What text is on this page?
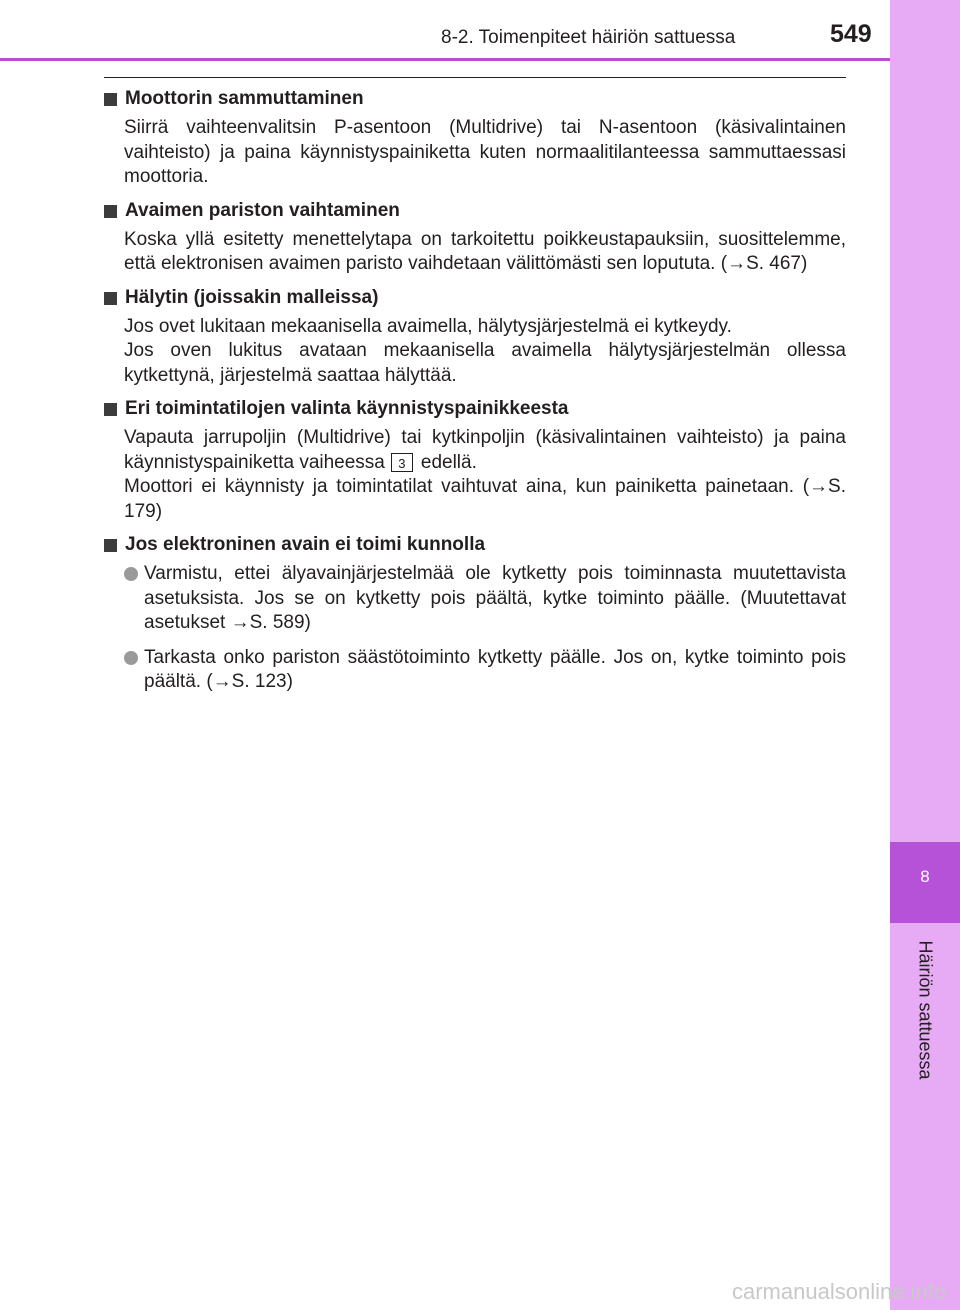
8-2. Toimenpiteet häiriön sattuessa	549
8
Häiriön sattuessa
Moottorin sammuttaminen

Siirrä vaihteenvalitsin P-asentoon (Multidrive) tai N-asentoon (käsivalintainen vaihteisto) ja paina käynnistyspainiketta kuten normaalitilanteessa sammuttaessasi moottoria.

Avaimen pariston vaihtaminen

Koska yllä esitetty menettelytapa on tarkoitettu poikkeustapauksiin, suosittelemme, että elektronisen avaimen paristo vaihdetaan välittömästi sen lopututa. (→S. 467)

Hälytin (joissakin malleissa)

Jos ovet lukitaan mekaanisella avaimella, hälytysjärjestelmä ei kytkeydy.
Jos oven lukitus avataan mekaanisella avaimella hälytysjärjestelmän ollessa kytkettynä, järjestelmä saattaa hälyttää.

Eri toimintatilojen valinta käynnistyspainikkeesta

Vapauta jarrupoljin (Multidrive) tai kytkinpoljin (käsivalintainen vaihteisto) ja paina käynnistyspainiketta vaiheessa 3 edellä.
Moottori ei käynnisty ja toimintatilat vaihtuvat aina, kun painiketta painetaan. (→S. 179)

Jos elektroninen avain ei toimi kunnolla
Varmistu, ettei älyavainjärjestelmää ole kytketty pois toiminnasta muutettavista asetuksista. Jos se on kytketty pois päältä, kytke toiminto päälle. (Muutettavat asetukset →S. 589)
Tarkasta onko pariston säästötoiminto kytketty päälle. Jos on, kytke toiminto pois päältä. (→S. 123)
carmanualsonline.info
